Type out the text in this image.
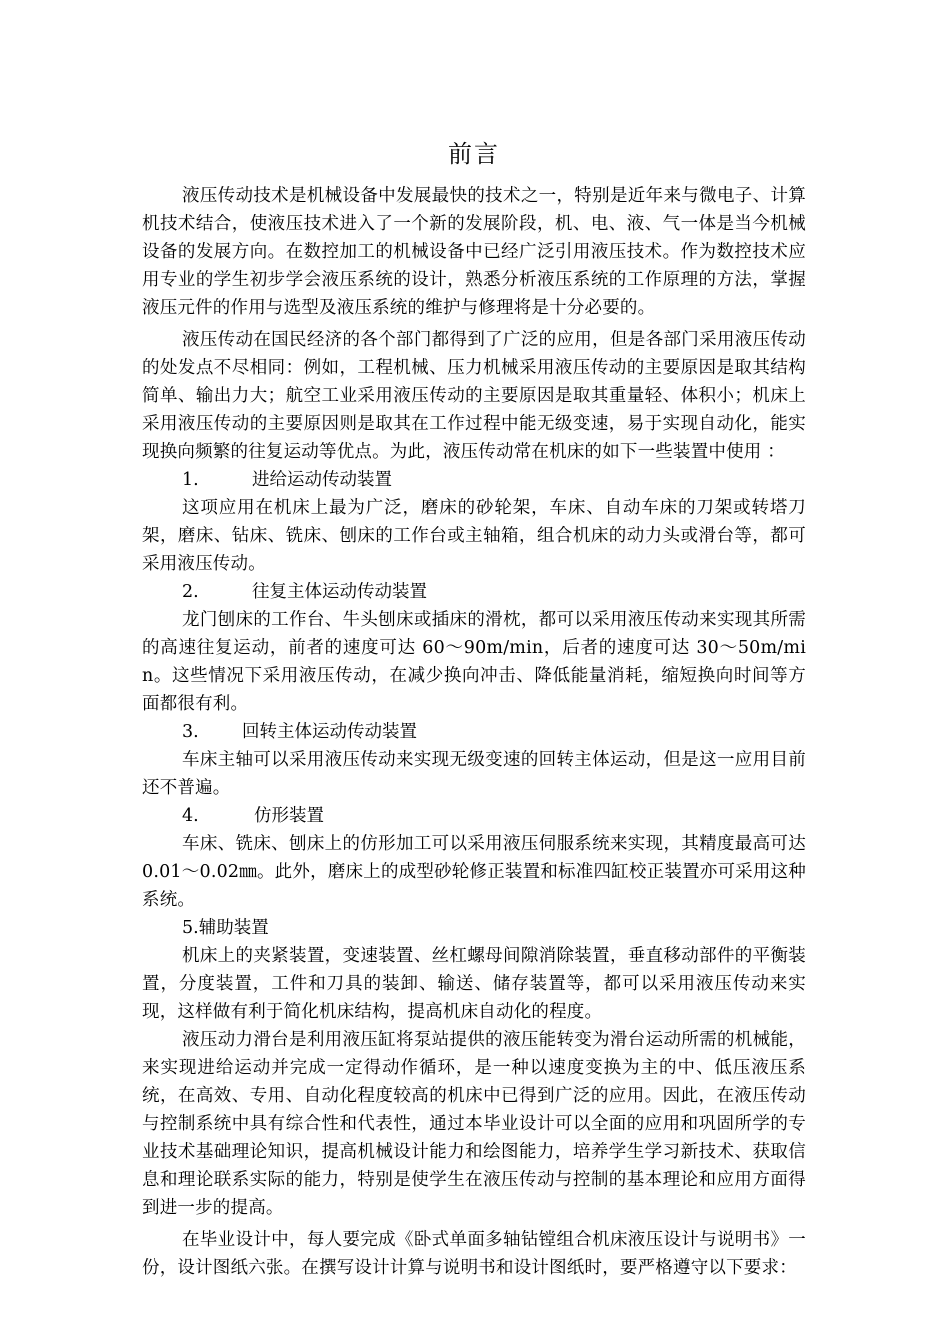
前言

液压传动技术是机械设备中发展最快的技术之一，特别是近年来与微电子、计算机技术结合，使液压技术进入了一个新的发展阶段，机、电、液、气一体是当今机械设备的发展方向。在数控加工的机械设备中已经广泛引用液压技术。作为数控技术应用专业的学生初步学会液压系统的设计，熟悉分析液压系统的工作原理的方法，掌握液压元件的作用与选型及液压系统的维护与修理将是十分必要的。

液压传动在国民经济的各个部门都得到了广泛的应用，但是各部门采用液压传动的处发点不尽相同：例如，工程机械、压力机械采用液压传动的主要原因是取其结构简单、输出力大；航空工业采用液压传动的主要原因是取其重量轻、体积小；机床上采用液压传动的主要原因则是取其在工作过程中能无级变速，易于实现自动化，能实现换向频繁的往复运动等优点。为此，液压传动常在机床的如下一些装置中使用 ：

1.	进给运动传动装置

这项应用在机床上最为广泛，磨床的砂轮架，车床、自动车床的刀架或转塔刀架，磨床、钻床、铣床、刨床的工作台或主轴箱，组合机床的动力头或滑台等，都可采用液压传动。

2.	往复主体运动传动装置

龙门刨床的工作台、牛头刨床或插床的滑枕，都可以采用液压传动来实现其所需的高速往复运动，前者的速度可达 60～90m/min，后者的速度可达 30～50m/min。这些情况下采用液压传动，在减少换向冲击、降低能量消耗，缩短换向时间等方面都很有利。

3. 回转主体运动传动装置

车床主轴可以采用液压传动来实现无级变速的回转主体运动，但是这一应用目前还不普遍。

4.	仿形装置

车床、铣床、刨床上的仿形加工可以采用液压伺服系统来实现，其精度最高可达 0.01～0.02㎜。此外，磨床上的成型砂轮修正装置和标准四缸校正装置亦可采用这种系统。

5.辅助装置

机床上的夹紧装置，变速装置、丝杠螺母间隙消除装置，垂直移动部件的平衡装置，分度装置，工件和刀具的装卸、输送、储存装置等，都可以采用液压传动来实现，这样做有利于简化机床结构，提高机床自动化的程度。

液压动力滑台是利用液压缸将泵站提供的液压能转变为滑台运动所需的机械能，来实现进给运动并完成一定得动作循环，是一种以速度变换为主的中、低压液压系统，在高效、专用、自动化程度较高的机床中已得到广泛的应用。因此，在液压传动与控制系统中具有综合性和代表性，通过本毕业设计可以全面的应用和巩固所学的专业技术基础理论知识，提高机械设计能力和绘图能力，培养学生学习新技术、获取信息和理论联系实际的能力，特别是使学生在液压传动与控制的基本理论和应用方面得到进一步的提高。

在毕业设计中，每人要完成《卧式单面多轴钻镗组合机床液压设计与说明书》一份，设计图纸六张。在撰写设计计算与说明书和设计图纸时，要严格遵守以下要求：
